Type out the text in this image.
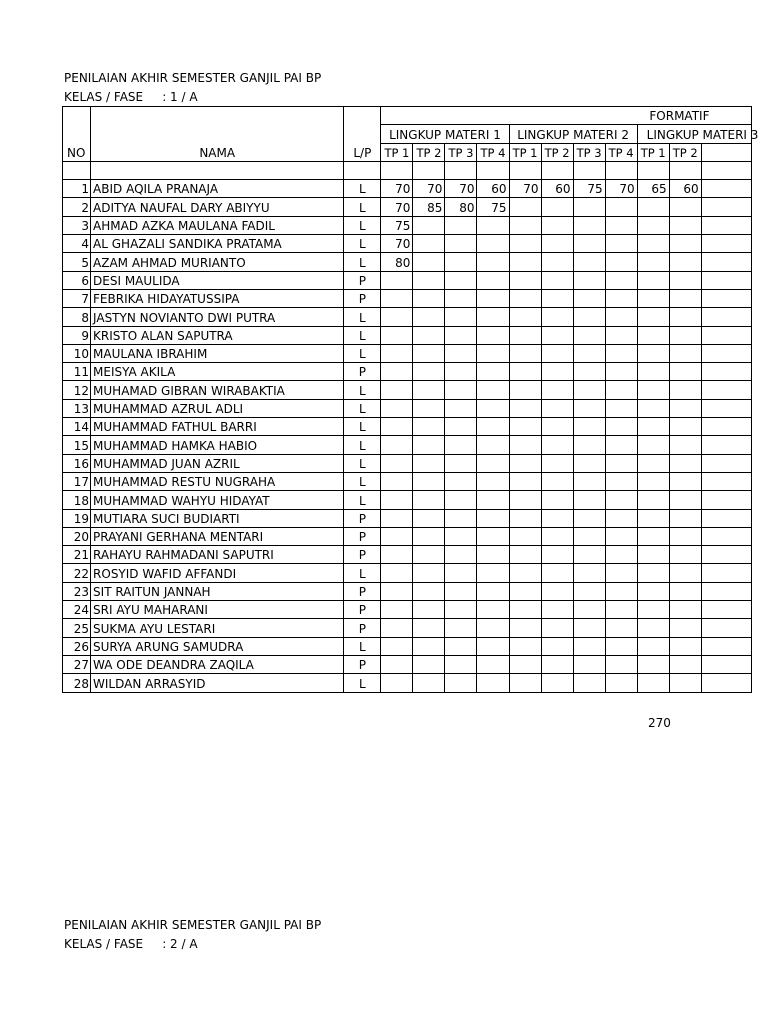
PENILAIAN AKHIR SEMESTER GANJIL PAI BP
KELAS / FASE     : 1 / A
			FORMATIF										
			LINGKUP MATERI 1				LINGKUP MATERI 2				LINGKUP MATERI 3		
NO	NAMA	L/P	TP 1	TP 2	TP 3	TP 4	TP 1	TP 2	TP 3	TP 4	TP 1	TP 2	

1	ABID AQILA PRANAJA	L	70	70	70	60	70	60	75	70	65	60	
2	ADITYA NAUFAL DARY ABIYYU	L	70	85	80	75							
3	AHMAD AZKA MAULANA FADIL	L	75										
4	AL GHAZALI SANDIKA PRATAMA	L	70										
5	AZAM AHMAD MURIANTO	L	80										
6	DESI MAULIDA	P											
7	FEBRIKA HIDAYATUSSIPA	P											
8	JASTYN NOVIANTO DWI PUTRA	L											
9	KRISTO ALAN SAPUTRA	L											
10	MAULANA IBRAHIM	L											
11	MEISYA AKILA	P											
12	MUHAMAD GIBRAN WIRABAKTIA	L											
13	MUHAMMAD AZRUL ADLI	L											
14	MUHAMMAD FATHUL BARRI	L											
15	MUHAMMAD HAMKA HABIO	L											
16	MUHAMMAD JUAN AZRIL	L											
17	MUHAMMAD RESTU NUGRAHA	L											
18	MUHAMMAD WAHYU HIDAYAT	L											
19	MUTIARA SUCI BUDIARTI	P											
20	PRAYANI GERHANA MENTARI	P											
21	RAHAYU RAHMADANI SAPUTRI	P											
22	ROSYID WAFID AFFANDI	L											
23	SIT RAITUN JANNAH	P											
24	SRI AYU MAHARANI	P											
25	SUKMA AYU LESTARI	P											
26	SURYA ARUNG SAMUDRA	L											
27	WA ODE DEANDRA ZAQILA	P											
28	WILDAN ARRASYID	L											
270
PENILAIAN AKHIR SEMESTER GANJIL PAI BP
KELAS / FASE     : 2 / A
